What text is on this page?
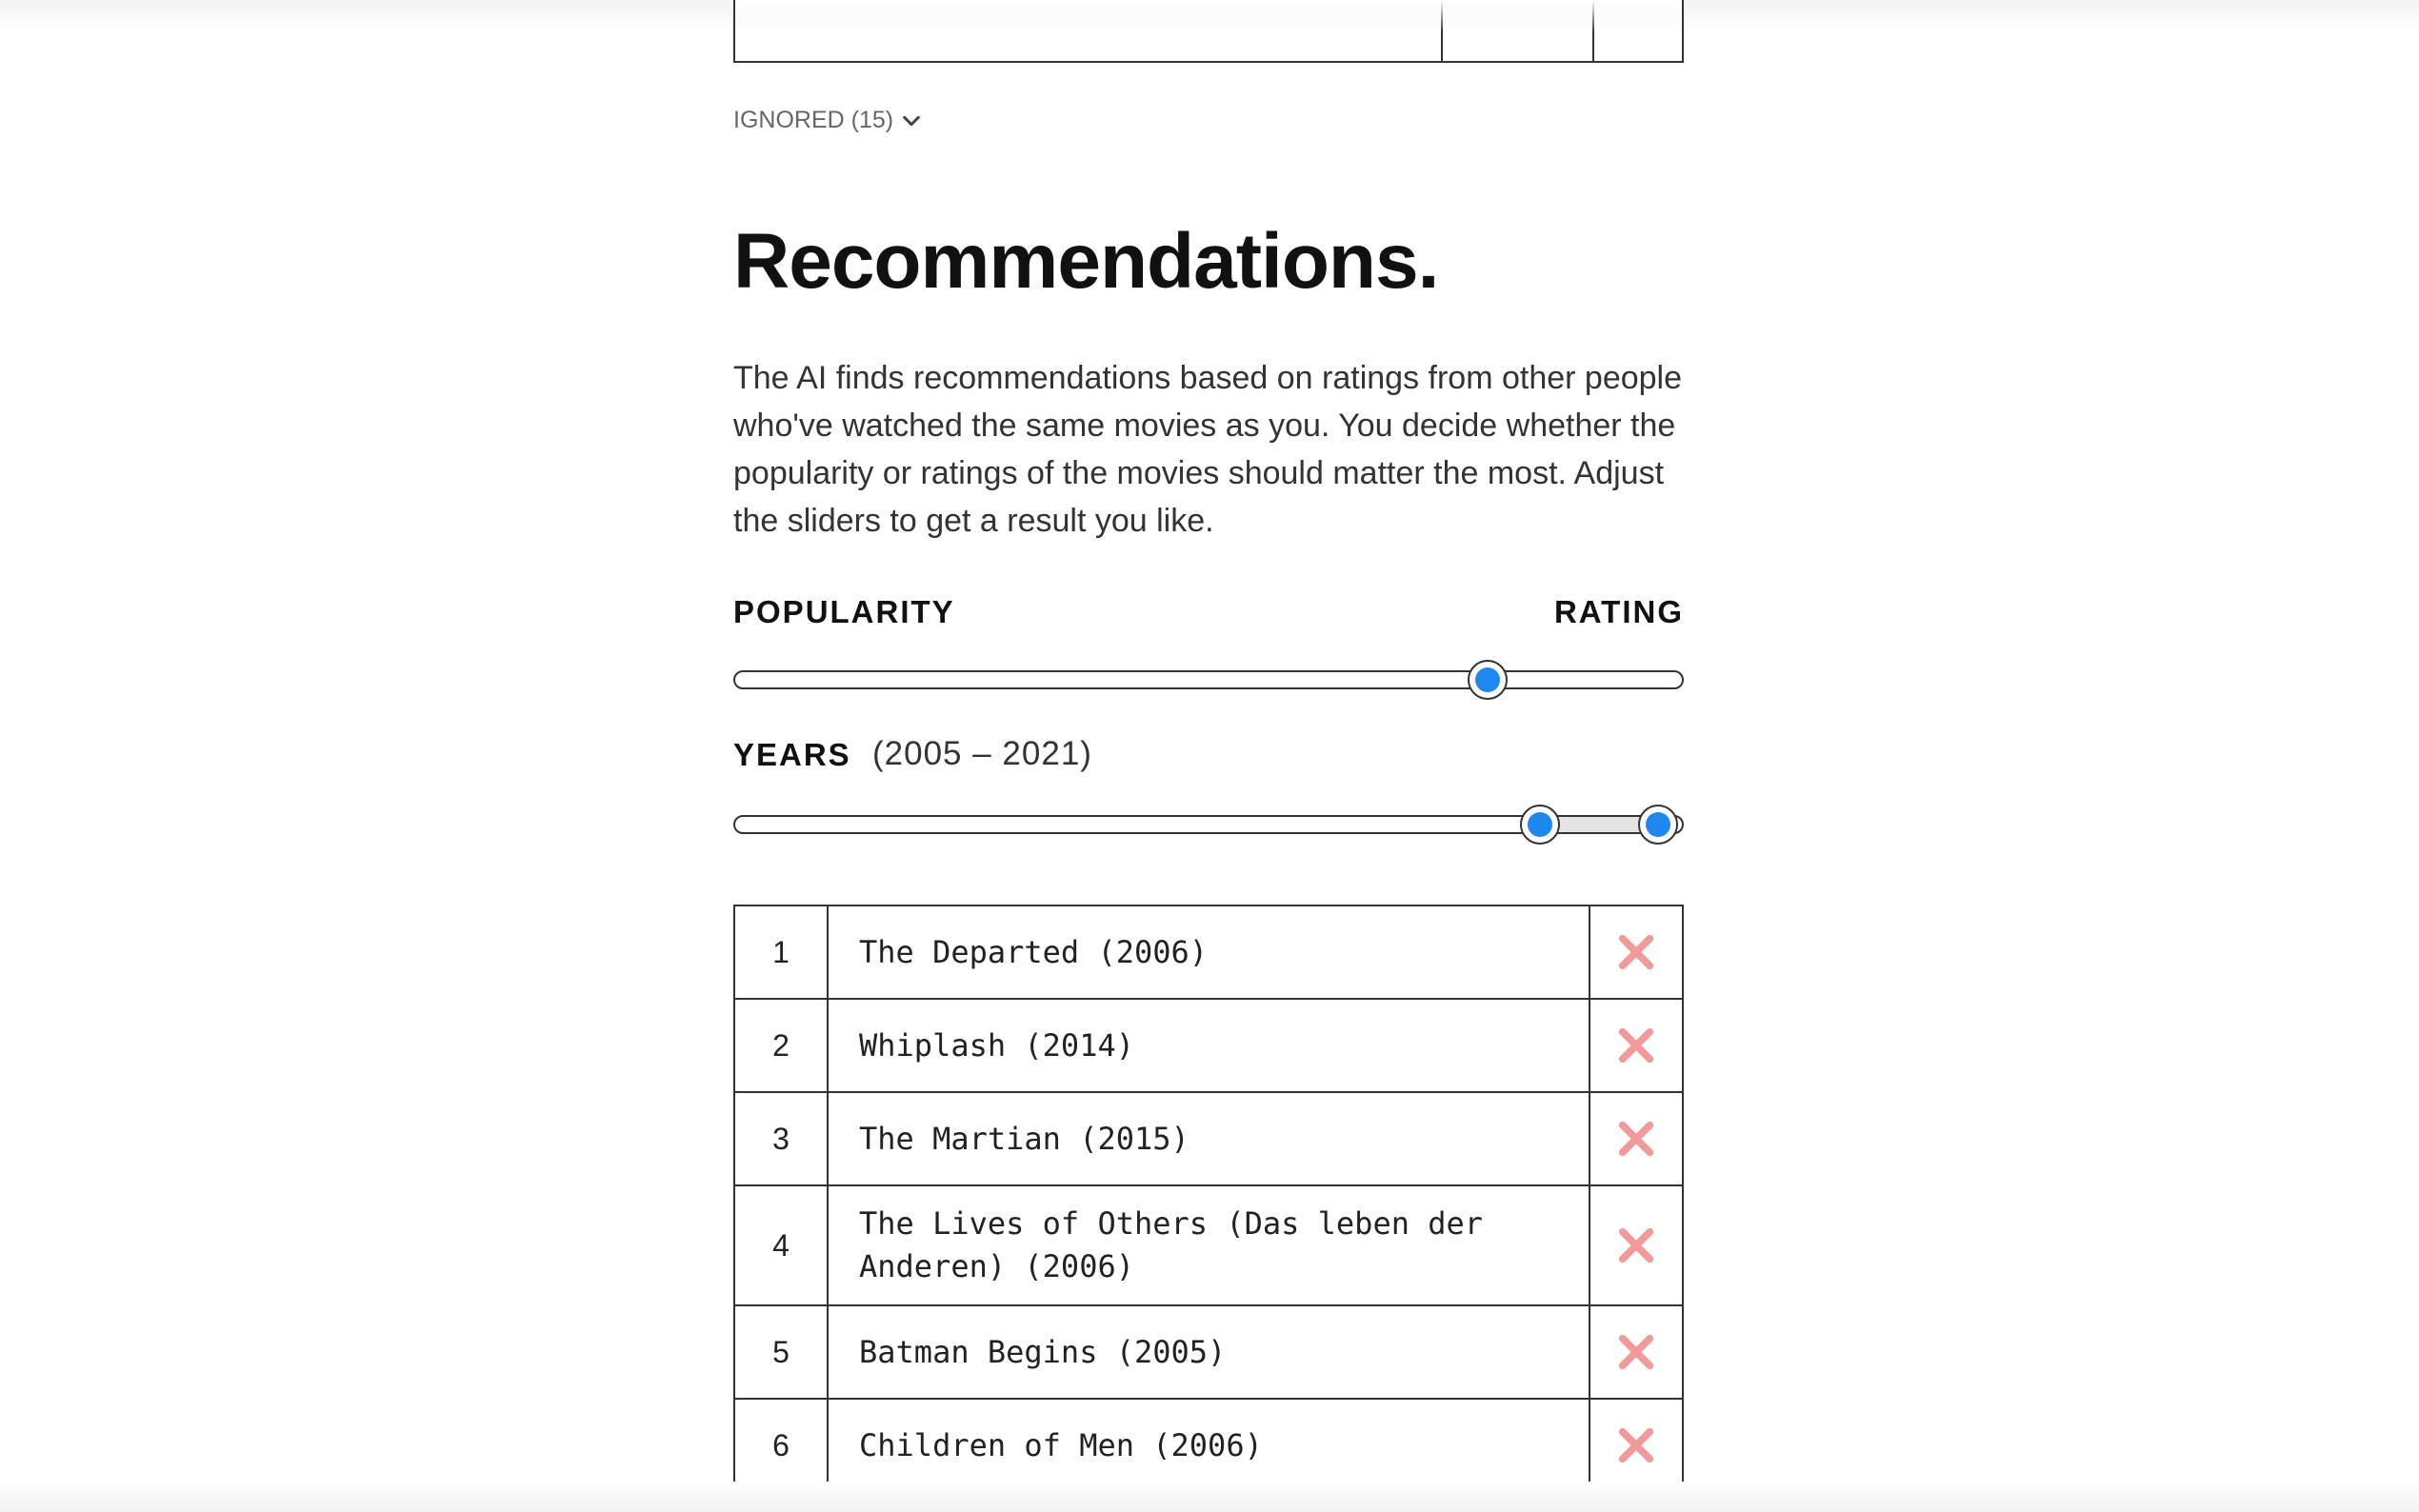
IGNORED (15)
Recommendations.

The AI finds recommendations based on ratings from other people who've watched the same movies as you. You decide whether the popularity or ratings of the movies should matter the most. Adjust the sliders to get a result you like.

POPULARITY	RATING
YEARS (2005 – 2021)
1	The Departed (2006)	

2	Whiplash (2014)	

3	The Martian (2015)	

4	The Lives of Others (Das leben der Anderen) (2006)	

5	Batman Begins (2005)	

6	Children of Men (2006)	
